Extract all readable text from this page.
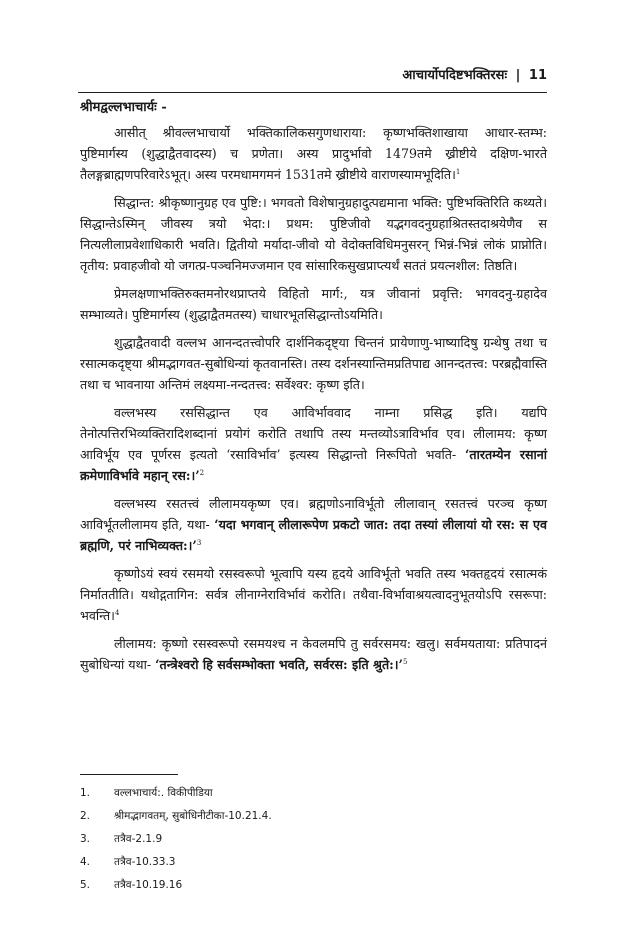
आचार्योपदिष्टभक्तिरसः | 11
श्रीमद्वल्लभाचार्यः -

आसीत् श्रीवल्लभाचार्यो भक्तिकालिकसगुणधाराया: कृष्णभक्तिशाखाया आधार-स्तम्भ: पुष्टिमार्गस्य (शुद्धाद्वैतवादस्य) च प्रणेता। अस्य प्रादुर्भावो 1479तमे ख्रीष्टीये दक्षिण-भारते तैलङ्गब्राह्मणपरिवारेऽभूत्। अस्य परमधामगमनं 1531तमे ख्रीष्टीये वाराणस्यामभूदिति।$^1$

सिद्धान्त: श्रीकृष्णानुग्रह एव पुष्टि:। भगवतो विशेषानुग्रहादुत्पद्यमाना भक्ति: पुष्टिभक्तिरिति कथ्यते। सिद्धान्तेऽस्मिन् जीवस्य त्रयो भेदा:। प्रथम: पुष्टिजीवो यद्भगवदनुग्रहाश्रितस्तदाश्रयेणैव स नित्यलीलाप्रवेशाधिकारी भवति। द्वितीयो मर्यादा-जीवो यो वेदोक्तविधिमनुसरन् भिन्नं-भिन्नं लोकं प्राप्नोति। तृतीय: प्रवाहजीवो यो जगत्प्र-पञ्चनिमज्जमान एव सांसारिकसुखप्राप्त्यर्थं सततं प्रयत्नशील: तिष्ठति।

प्रेमलक्षणाभक्तिरुक्तमनोरथप्राप्तये विहितो मार्ग:, यत्र जीवानां प्रवृत्ति: भगवदनु-ग्रहादेव सम्भाव्यते। पुष्टिमार्गस्य (शुद्धाद्वैतमतस्य) चाधारभूतसिद्धान्तोऽयमिति।

शुद्धाद्वैतवादी वल्लभ आनन्दतत्त्वोपरि दार्शनिकदृष्ट्या चिन्तनं प्रायेणाणु-भाष्यादिषु ग्रन्थेषु तथा च रसात्मकदृष्ट्या श्रीमद्भागवत-सुबोधिन्यां कृतवानस्ति। तस्य दर्शनस्यान्तिमप्रतिपाद्य आनन्दतत्त्व: परब्रह्मैवास्ति तथा च भावनाया अन्तिमं लक्ष्यमा-नन्दतत्त्व: सर्वेश्वर: कृष्ण इति।

वल्लभस्य रससिद्धान्त एव आविर्भाववाद नाम्ना प्रसिद्ध इति। यद्यपि तेनोत्पत्तिरभिव्यक्तिरादिशब्दानां प्रयोगं करोति तथापि तस्य मन्तव्योऽत्राविर्भाव एव। लीलामय: कृष्ण आविर्भूय एव पूर्णरस इत्यतो ‘रसाविर्भाव’ इत्यस्य सिद्धान्तो निरूपितो भवति- ‘तारतम्येन रसानां क्रमेणाविर्भावे महान् रस:।’$^2$

वल्लभस्य रसतत्त्वं लीलामयकृष्ण एव। ब्रह्मणोऽनाविर्भूतो लीलावान् रसतत्त्वं परञ्च कृष्ण आविर्भूतलीलामय इति, यथा- ‘यदा भगवान् लीलारूपेण प्रकटो जात: तदा तस्यां लीलायां यो रस: स एव ब्रह्मणि, परं नाभिव्यक्त:।’$^3$

कृष्णोऽयं स्वयं रसमयो रसस्वरूपो भूत्वापि यस्य हृदये आविर्भूतो भवति तस्य भक्तहृदयं रसात्मकं निर्माततीति। यथोद्गतागिन: सर्वत्र लीनाग्नेराविर्भावं करोति। तथैवा-विर्भावाश्रयत्वादनुभूतयोऽपि रसरूपा: भवन्ति।$^4$

लीलामय: कृष्णो रसस्वरूपो रसमयश्च न केवलमपि तु सर्वरसमय: खलु। सर्वमयताया: प्रतिपादनं सुबोधिन्यां यथा- ‘तन्त्रेश्वरो हि सर्वसम्भोक्ता भवति, सर्वरस: इति श्रुते:।’$^5$

1.	वल्लभाचार्य:. विकीपीडिया
2.	श्रीमद्भागवतम्, सुबोधिनीटीका-10.21.4.
3.	तत्रैव-2.1.9
4.	तत्रैव-10.33.3
5.	तत्रैव-10.19.16
